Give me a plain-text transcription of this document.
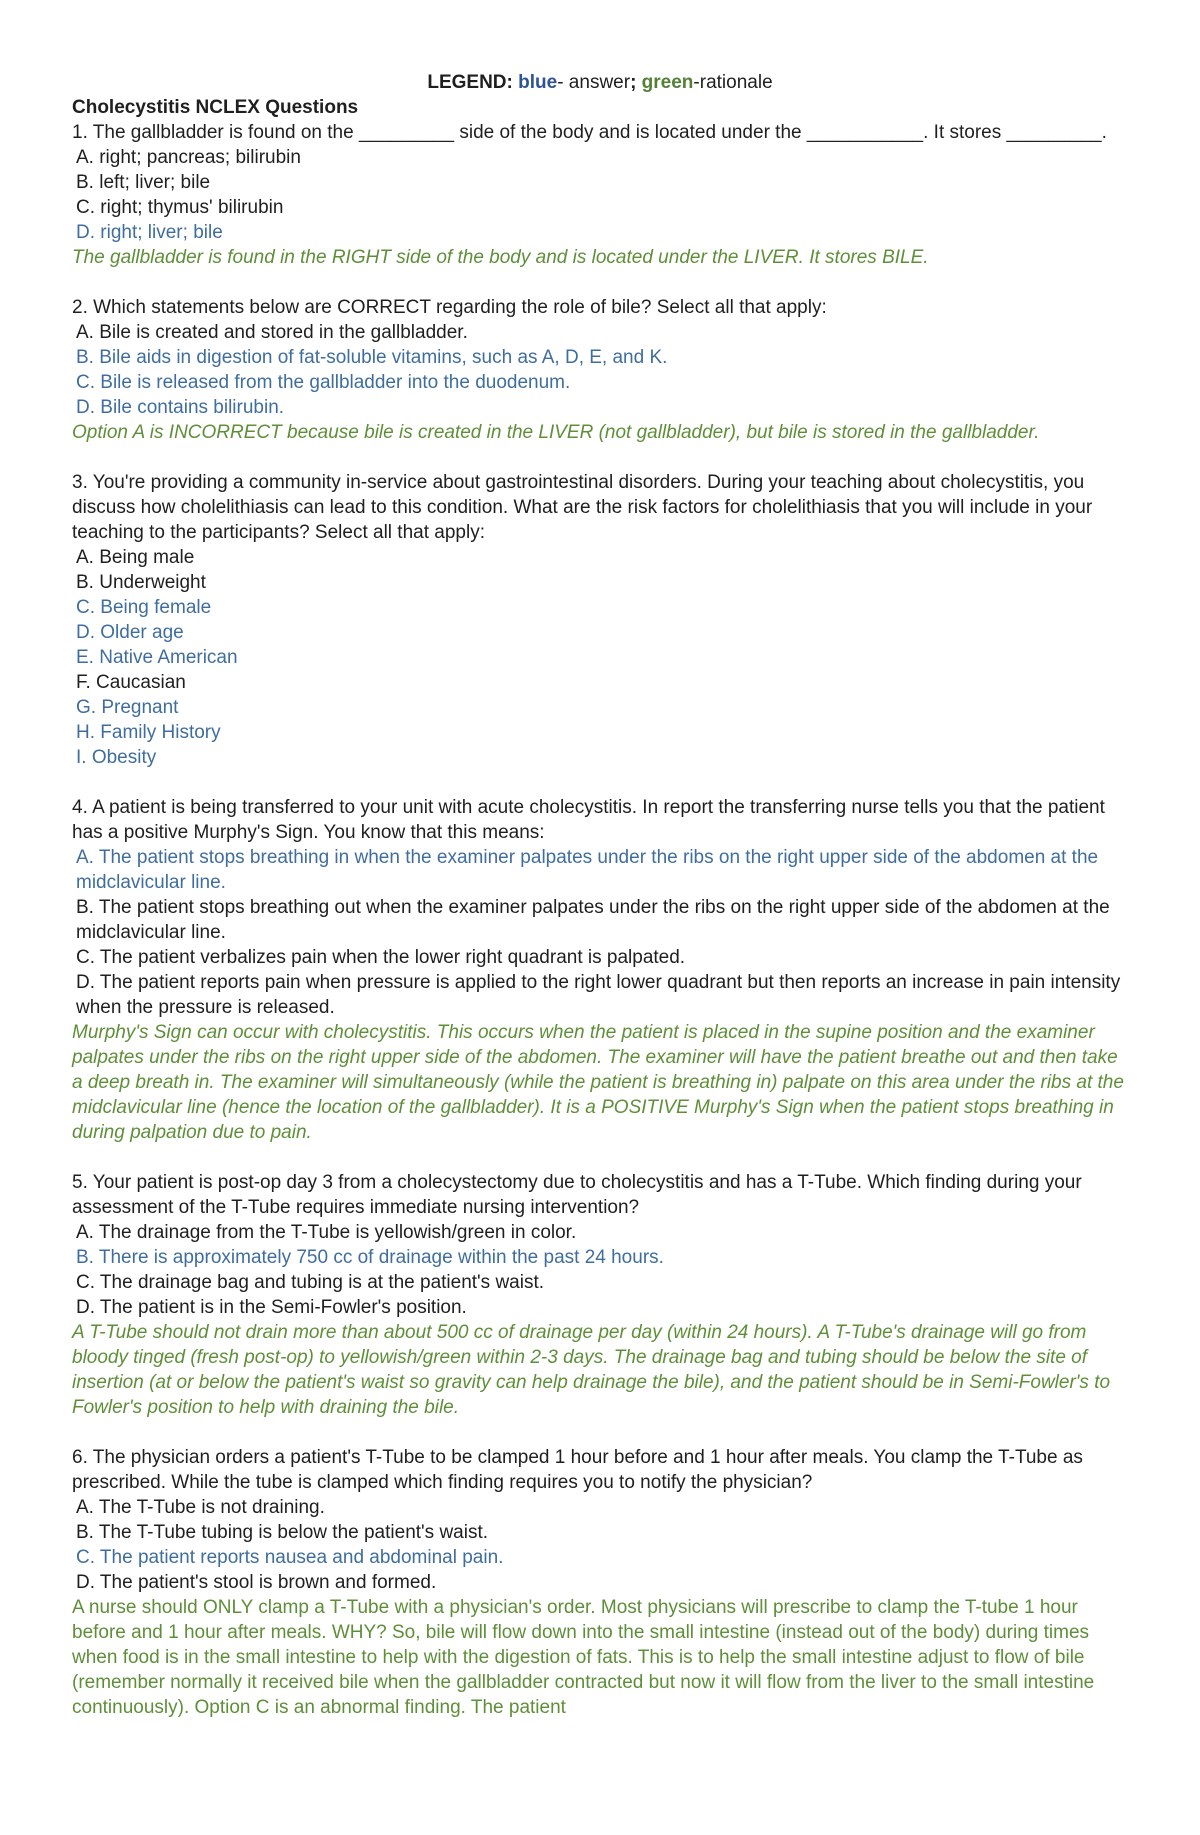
LEGEND: blue- answer; green-rationale
Cholecystitis NCLEX Questions
1. The gallbladder is found on the _________ side of the body and is located under the ___________. It stores _________.
A. right; pancreas; bilirubin
B. left; liver; bile
C. right; thymus' bilirubin
D. right; liver; bile
The gallbladder is found in the RIGHT side of the body and is located under the LIVER. It stores BILE.
2. Which statements below are CORRECT regarding the role of bile? Select all that apply:
A. Bile is created and stored in the gallbladder.
B. Bile aids in digestion of fat-soluble vitamins, such as A, D, E, and K.
C. Bile is released from the gallbladder into the duodenum.
D. Bile contains bilirubin.
Option A is INCORRECT because bile is created in the LIVER (not gallbladder), but bile is stored in the gallbladder.
3. You're providing a community in-service about gastrointestinal disorders. During your teaching about cholecystitis, you discuss how cholelithiasis can lead to this condition. What are the risk factors for cholelithiasis that you will include in your teaching to the participants? Select all that apply:
A. Being male
B. Underweight
C. Being female
D. Older age
E. Native American
F. Caucasian
G. Pregnant
H. Family History
I. Obesity
4. A patient is being transferred to your unit with acute cholecystitis. In report the transferring nurse tells you that the patient has a positive Murphy's Sign. You know that this means:
A. The patient stops breathing in when the examiner palpates under the ribs on the right upper side of the abdomen at the midclavicular line.
B. The patient stops breathing out when the examiner palpates under the ribs on the right upper side of the abdomen at the midclavicular line.
C. The patient verbalizes pain when the lower right quadrant is palpated.
D. The patient reports pain when pressure is applied to the right lower quadrant but then reports an increase in pain intensity when the pressure is released.
Murphy's Sign can occur with cholecystitis. This occurs when the patient is placed in the supine position and the examiner palpates under the ribs on the right upper side of the abdomen. The examiner will have the patient breathe out and then take a deep breath in. The examiner will simultaneously (while the patient is breathing in) palpate on this area under the ribs at the midclavicular line (hence the location of the gallbladder). It is a POSITIVE Murphy's Sign when the patient stops breathing in during palpation due to pain.
5. Your patient is post-op day 3 from a cholecystectomy due to cholecystitis and has a T-Tube. Which finding during your assessment of the T-Tube requires immediate nursing intervention?
A. The drainage from the T-Tube is yellowish/green in color.
B. There is approximately 750 cc of drainage within the past 24 hours.
C. The drainage bag and tubing is at the patient's waist.
D. The patient is in the Semi-Fowler's position.
A T-Tube should not drain more than about 500 cc of drainage per day (within 24 hours). A T-Tube's drainage will go from bloody tinged (fresh post-op) to yellowish/green within 2-3 days. The drainage bag and tubing should be below the site of insertion (at or below the patient's waist so gravity can help drainage the bile), and the patient should be in Semi-Fowler's to Fowler's position to help with draining the bile.
6. The physician orders a patient's T-Tube to be clamped 1 hour before and 1 hour after meals. You clamp the T-Tube as prescribed. While the tube is clamped which finding requires you to notify the physician?
A. The T-Tube is not draining.
B. The T-Tube tubing is below the patient's waist.
C. The patient reports nausea and abdominal pain.
D. The patient's stool is brown and formed.
A nurse should ONLY clamp a T-Tube with a physician's order. Most physicians will prescribe to clamp the T-tube 1 hour before and 1 hour after meals. WHY? So, bile will flow down into the small intestine (instead out of the body) during times when food is in the small intestine to help with the digestion of fats. This is to help the small intestine adjust to flow of bile (remember normally it received bile when the gallbladder contracted but now it will flow from the liver to the small intestine continuously). Option C is an abnormal finding. The patient
